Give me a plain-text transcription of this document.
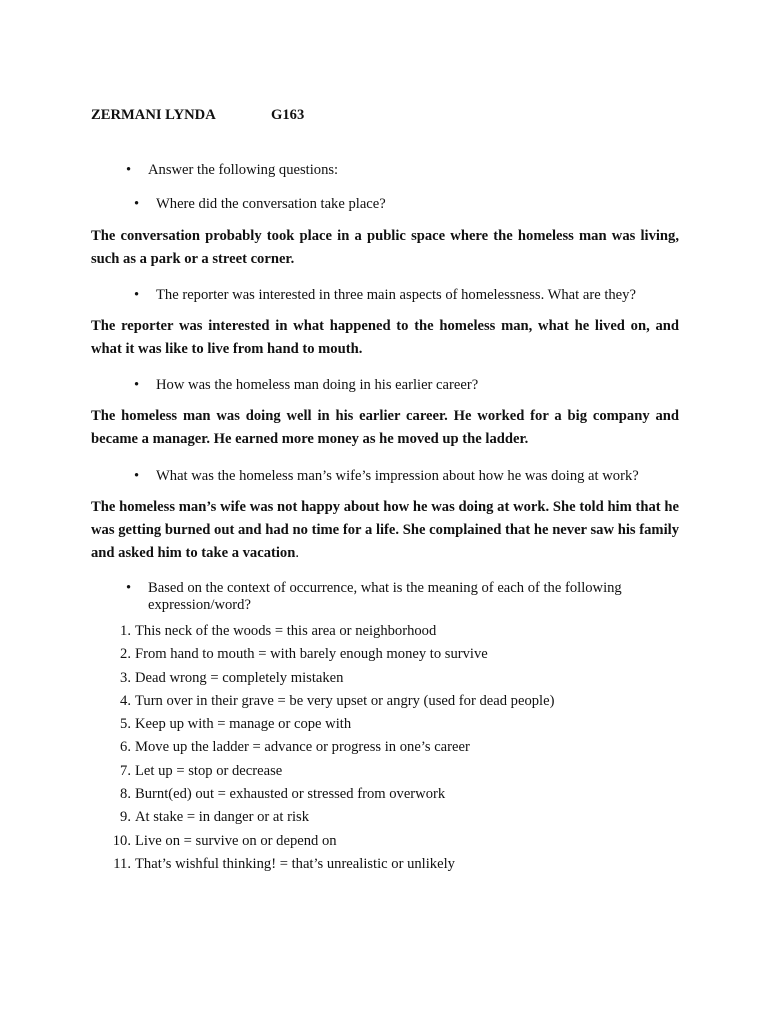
ZERMANI LYNDA	G163
• Answer the following questions:
• Where did the conversation take place?
The conversation probably took place in a public space where the homeless man was living, such as a park or a street corner.
• The reporter was interested in three main aspects of homelessness. What are they?
The reporter was interested in what happened to the homeless man, what he lived on, and what it was like to live from hand to mouth.
• How was the homeless man doing in his earlier career?
The homeless man was doing well in his earlier career. He worked for a big company and became a manager. He earned more money as he moved up the ladder.
• What was the homeless man’s wife’s impression about how he was doing at work?
The homeless man’s wife was not happy about how he was doing at work. She told him that he was getting burned out and had no time for a life. She complained that he never saw his family and asked him to take a vacation.
• Based on the context of occurrence, what is the meaning of each of the following expression/word?
1. This neck of the woods = this area or neighborhood
2. From hand to mouth = with barely enough money to survive
3. Dead wrong = completely mistaken
4. Turn over in their grave = be very upset or angry (used for dead people)
5. Keep up with = manage or cope with
6. Move up the ladder = advance or progress in one’s career
7. Let up = stop or decrease
8. Burnt(ed) out = exhausted or stressed from overwork
9. At stake = in danger or at risk
10. Live on = survive on or depend on
11. That’s wishful thinking! = that’s unrealistic or unlikely
